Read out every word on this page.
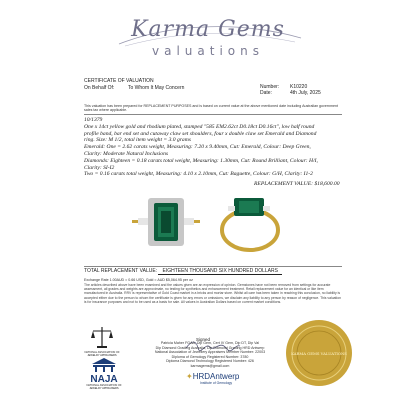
Karma Gems
valuations
CERTIFICATE OF VALUATION
On Behalf Of:	To Whom It May Concern	Number:	K10220
Date:	4th July, 2025
This valuation has been prepared for REPLACEMENT PURPOSES and is based on current value at the above mentioned date including Australian government sales tax where applicable.

10/1379

One x 14ct yellow gold and rhodium plated, stamped "585 EM2.62ct D0.18ct D0.16ct", low half round

profile band, bar end set and cutaway claw set shoulders, four x double claw set Emerald and Diamond

ring. Size: M 1/2, total item weight = 3.0 grams

Emerald: One = 2.62 carats weight, Measuring: 7.20 x 9.40mm, Cut: Emerald, Colour: Deep Green,

Clarity: Moderate Natural Inclusions

Diamonds: Eighteen = 0.18 carats total weight, Measuring: 1.30mm, Cut: Round Brilliant, Colour: H/I,

Clarity: SI-I2

Two = 0.16 carats total weight, Measuring: 4.10 x 2.10mm, Cut: Baguette, Colour: G/H, Clarity: I1-2

REPLACEMENT VALUE: $18,600.00
TOTAL REPLACEMENT VALUE: EIGHTEEN THOUSAND SIX HUNDRED DOLLARS
Exchange Rate 1.00AUD = 0.66 USD, Gold = AUD $5,064.95 per oz
The articles described above have been examined and the values given are an expression of opinion. Gemstones have not been removed from settings for accurate assessment, all grades and weights are approximate, no testing for synthetics and enhancement treatment. Retail replacement value for an identical or like item manufactured in Australia. RRV is representative of Gold Coast market in a bricks and mortar store. Whilst all care has been taken in reaching this conclusion, no liability is accepted either due to the person to whom the certificate is given for any errors or omissions, we disclaim any liability to any person by reason of negligence. This valuation is for insurance purposes and not to be used as a basis for sale. All values in Australian Dollars based on current market conditions.
Signed
Patricia Maher FGAA, Dip Gem, Cert IV Gem, Dip DT, Dip Val
Dip Diamond Grading Australia, Dip Diamond Grading HRD Antwerp
National Association of Jewellery Appraisers Member Number: 22003
Diploma of Gemology Registered Number: 3780
Diploma Diamond Technology Registered Number: 426
karmagems@gmail.com
NATIONAL ASSOCIATION OF JEWELRY APPRAISERS
NAJA
NATIONAL ASSOCIATION OF JEWELRY APPRAISERS
✦HRDAntwerp
Institute of Gemology
KARMA GEMS VALUATIONS
